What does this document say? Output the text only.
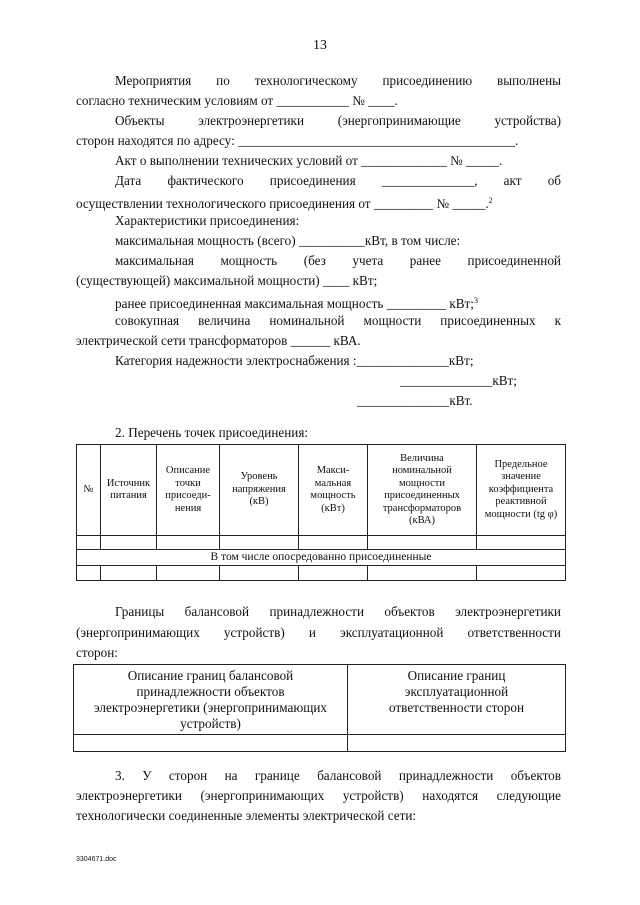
13
Мероприятия по технологическому присоединению выполнены
согласно техническим условиям от ___________ № ____.
Объекты электроэнергетики (энергопринимающие устройства)
сторон находятся по адресу: __________________________________________.
Акт о выполнении технических условий от _____________ № _____.
Дата фактического присоединения ______________, акт об
осуществлении технологического присоединения от _________ № _____.$^2$
Характеристики присоединения:
максимальная мощность (всего) __________кВт, в том числе:
максимальная мощность (без учета ранее присоединенной
(существующей) максимальной мощности) ____ кВт;
ранее присоединенная максимальная мощность _________ кВт;$^3$
совокупная величина номинальной мощности присоединенных к
электрической сети трансформаторов ______ кВА.
Категория надежности электроснабжения :______________кВт;
______________кВт;
______________кВт.
2. Перечень точек присоединения:
№	Источник питания	Описание точки присоеди-нения	Уровень напряжения (кВ)	Макси-мальная мощность (кВт)	Величина номинальной мощности присоединенных трансформаторов (кВА)	Предельное значение коэффициента реактивной мощности (tg φ)

В том числе опосредованно присоединенные						

Границы балансовой принадлежности объектов электроэнергетики
(энергопринимающих устройств) и эксплуатационной ответственности
сторон:
Описание границ балансовой принадлежности объектов электроэнергетики (энергопринимающих устройств)	Описание границ эксплуатационной ответственности сторон

3. У сторон на границе балансовой принадлежности объектов
электроэнергетики (энергопринимающих устройств) находятся следующие
технологически соединенные элементы электрической сети:
3304671.doc
